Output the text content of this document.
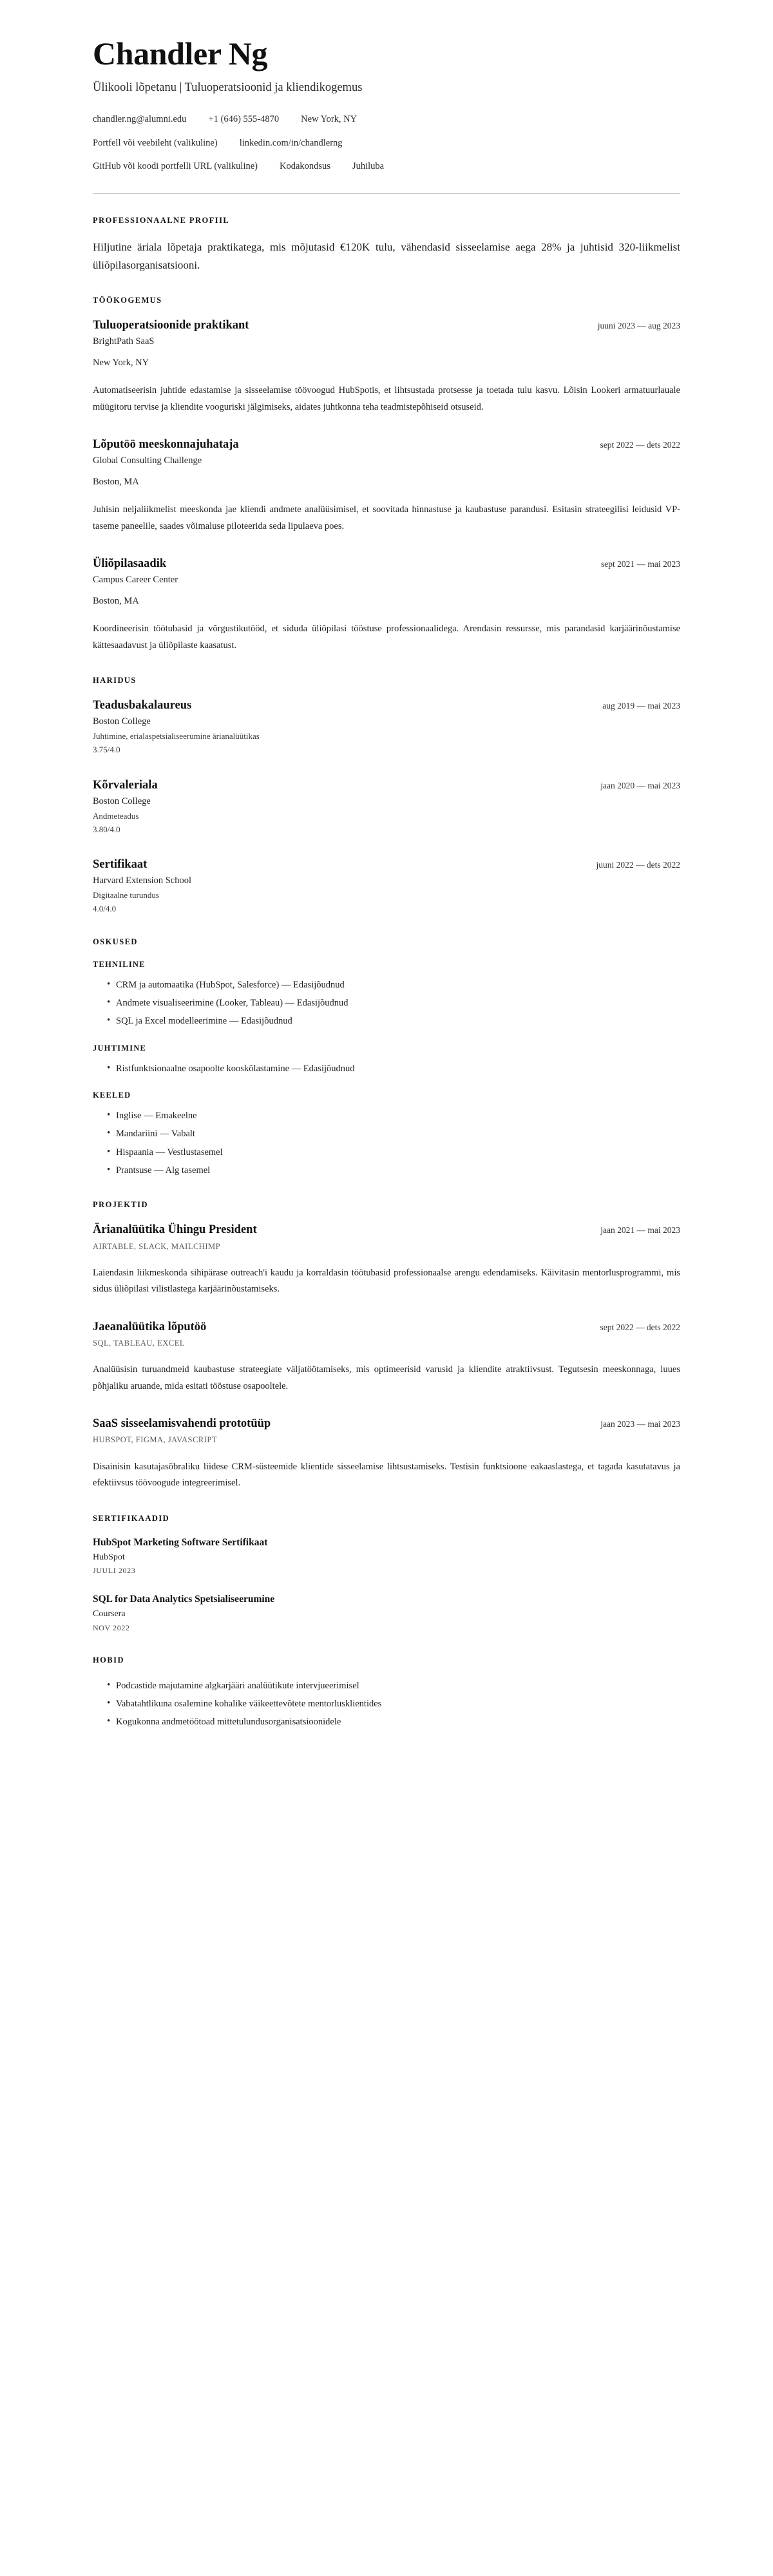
Chandler Ng
Ülikooli lõpetanu | Tuluoperatsioonid ja kliendikogemus
chandler.ng@alumni.edu +1 (646) 555-4870 New York, NY
Portfell või veebileht (valikuline) linkedin.com/in/chandlerng
GitHub või koodi portfelli URL (valikuline) Kodakondsus Juhiluba
PROFESSIONAALNE PROFIIL

Hiljutine äriala lõpetaja praktikatega, mis mõjutasid €120K tulu, vähendasid sisseelamise aega 28% ja juhtisid 320-liikmelist üliõpilasorganisatsiooni.

TÖÖKOGEMUS
Tuluoperatsioonide praktikant	juuni 2023 — aug 2023
BrightPath SaaS
New York, NY
Automatiseerisin juhtide edastamise ja sisseelamise töövoogud HubSpotis, et lihtsustada protsesse ja toetada tulu kasvu. Lõisin Lookeri armatuurlauale müügitoru tervise ja kliendite vooguriski jälgimiseks, aidates juhtkonna teha teadmistepõhiseid otsuseid.
Lõputöö meeskonnajuhataja	sept 2022 — dets 2022
Global Consulting Challenge
Boston, MA
Juhisin neljaliikmelist meeskonda jae kliendi andmete analüüsimisel, et soovitada hinnastuse ja kaubastuse parandusi. Esitasin strateegilisi leidusid VP-taseme paneelile, saades võimaluse piloteerida seda lipulaeva poes.
Üliõpilasaadik	sept 2021 — mai 2023
Campus Career Center
Boston, MA
Koordineerisin töötubasid ja võrgustikutööd, et siduda üliõpilasi tööstuse professionaalidega. Arendasin ressursse, mis parandasid karjäärinõustamise kättesaadavust ja üliõpilaste kaasatust.
HARIDUS
Teadusbakalaureus	aug 2019 — mai 2023
Boston College
Juhtimine, erialaspetsialiseerumine ärianalüütikas
3.75/4.0
Kõrvaleriala	jaan 2020 — mai 2023
Boston College
Andmeteadus
3.80/4.0
Sertifikaat	juuni 2022 — dets 2022
Harvard Extension School
Digitaalne turundus
4.0/4.0
OSKUSED
TEHNILINE
• CRM ja automaatika (HubSpot, Salesforce) — Edasijõudnud
• Andmete visualiseerimine (Looker, Tableau) — Edasijõudnud
• SQL ja Excel modelleerimine — Edasijõudnud
JUHTIMINE
• Ristfunktsionaalne osapoolte kooskõlastamine — Edasijõudnud
KEELED
• Inglise — Emakeelne
• Mandariini — Vabalt
• Hispaania — Vestlustasemel
• Prantsuse — Alg tasemel
PROJEKTID
Ärianalüütika Ühingu President	jaan 2021 — mai 2023
AIRTABLE, SLACK, MAILCHIMP
Laiendasin liikmeskonda sihipärase outreach'i kaudu ja korraldasin töötubasid professionaalse arengu edendamiseks. Käivitasin mentorlusprogrammi, mis sidus üliõpilasi vilistlastega karjäärinõustamiseks.
Jaeanalüütika lõputöö	sept 2022 — dets 2022
SQL, TABLEAU, EXCEL
Analüüsisin turuandmeid kaubastuse strateegiate väljatöötamiseks, mis optimeerisid varusid ja kliendite atraktiivsust. Tegutsesin meeskonnaga, luues põhjaliku aruande, mida esitati tööstuse osapooltele.
SaaS sisseelamisvahendi prototüüp	jaan 2023 — mai 2023
HUBSPOT, FIGMA, JAVASCRIPT
Disainisin kasutajasõbraliku liidese CRM-süsteemide klientide sisseelamise lihtsustamiseks. Testisin funktsioone eakaaslastega, et tagada kasutatavus ja efektiivsus töövoogude integreerimisel.
SERTIFIKAADID
HubSpot Marketing Software Sertifikaat
HubSpot
JUULI 2023
SQL for Data Analytics Spetsialiseerumine
Coursera
NOV 2022
HOBID
• Podcastide majutamine algkarjääri analüütikute intervjueerimisel
• Vabatahtlikuna osalemine kohalike väikeettevõtete mentorlusklientides
• Kogukonna andmetöötoad mittetulundusorganisatsioonidele
